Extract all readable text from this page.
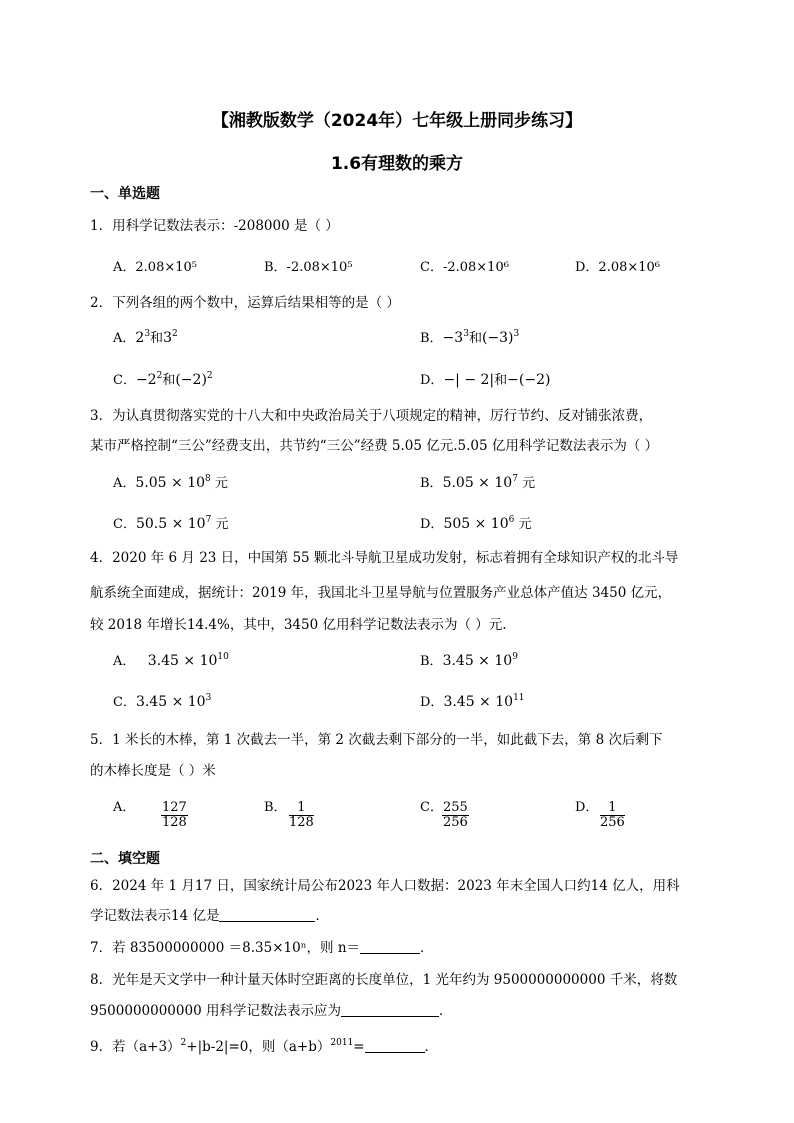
【湘教版数学（2024年）七年级上册同步练习】
1.6有理数的乘方
一、单选题
1．用科学记数法表示：-208000 是（ ）
A．2.08×10⁵	B．-2.08×10⁵	C．-2.08×10⁶	D．2.08×10⁶
2．下列各组的两个数中，运算后结果相等的是（ ）
A．$2^3$和$3^2$	B．$-3^3$和$(-3)^3$
C．$-2^2$和$(-2)^2$	D．−| − 2|和−(−2)
3．为认真贯彻落实党的十八大和中央政治局关于八项规定的精神，厉行节约、反对铺张浓费，
某市严格控制“三公”经费支出，共节约“三公”经费 5.05 亿元.5.05 亿用科学记数法表示为（ ）
A．$5.05 \times 10^8$ 元	B．$5.05 \times 10^7$ 元
C．$50.5 \times 10^7$ 元	D．$505 \times 10^6$ 元
4．2020 年 6 月 23 日，中国第 55 颗北斗导航卫星成功发射，标志着拥有全球知识产权的北斗导
航系统全面建成，据统计：2019 年，我国北斗卫星导航与位置服务产业总体产值达 3450 亿元，
较 2018 年增长14.4%，其中，3450 亿用科学记数法表示为（ ）元.
A． $3.45 \times 10^{10}$	B．$3.45 \times 10^9$
C．$3.45 \times 10^3$	D．$3.45 \times 10^{11}$
5．1 米长的木棒，第 1 次截去一半，第 2 次截去剩下部分的一半，如此截下去，第 8 次后剩下
的木棒长度是（ ）米
A． $\frac{127}{128}$	B． $\frac{1}{128}$	C． $\frac{255}{256}$	D． $\frac{1}{256}$
二、填空题
6．2024 年 1 月17 日，国家统计局公布2023 年人口数据：2023 年末全国人口约14 亿人，用科
学记数法表示14 亿是	．
7．若 83500000000 ＝8.35×10ⁿ，则 n＝	．
8．光年是天文学中一种计量天体时空距离的长度单位，1 光年约为 9500000000000 千米，将数
9500000000000 用科学记数法表示应为	．
9．若$(a+3)^2+|b-2|=0$，则$(a+b)^{2011}=$	．
